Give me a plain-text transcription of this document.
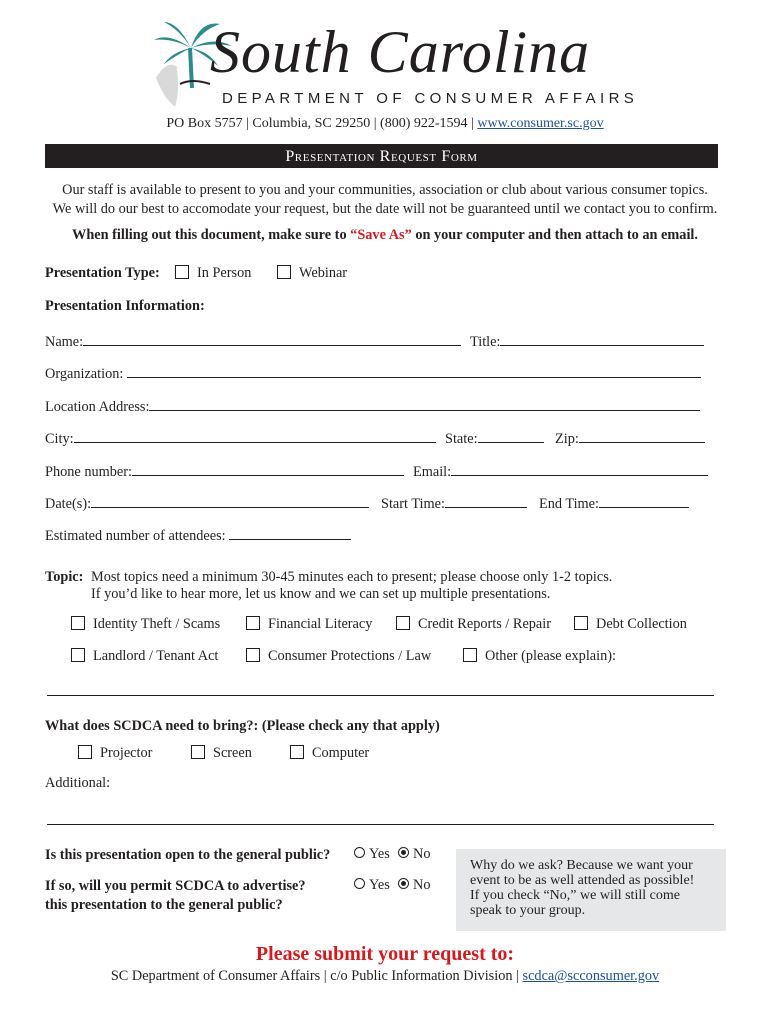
South Carolina
DEPARTMENT OF CONSUMER AFFAIRS
PO Box 5757 | Columbia, SC 29250 | (800) 922-1594 | www.consumer.sc.gov
Presentation Request Form
Our staff is available to present to you and your communities, association or club about various consumer topics.
We will do our best to accomodate your request, but the date will not be guaranteed until we contact you to confirm.
When filling out this document, make sure to “Save As” on your computer and then attach to an email.
Presentation Type:	In Person	Webinar
Presentation Information:
Name:	Title:
Organization:
Location Address:
City:	State:	Zip:
Phone number:	Email:
Date(s):	Start Time:	End Time:
Estimated number of attendees:
Topic: Most topics need a minimum 30-45 minutes each to present; please choose only 1-2 topics.
If you’d like to hear more, let us know and we can set up multiple presentations.
Identity Theft / Scams	Financial Literacy	Credit Reports / Repair	Debt Collection
Landlord / Tenant Act	Consumer Protections / Law	Other (please explain):
What does SCDCA need to bring?: (Please check any that apply)
Projector	Screen	Computer
Additional:
Is this presentation open to the general public?	Yes	No
If so, will you permit SCDCA to advertise?
this presentation to the general public?
Yes	No
Why do we ask? Because we want your
event to be as well attended as possible!
If you check “No,” we will still come
speak to your group.
Please submit your request to:
SC Department of Consumer Affairs | c/o Public Information Division | scdca@scconsumer.gov
